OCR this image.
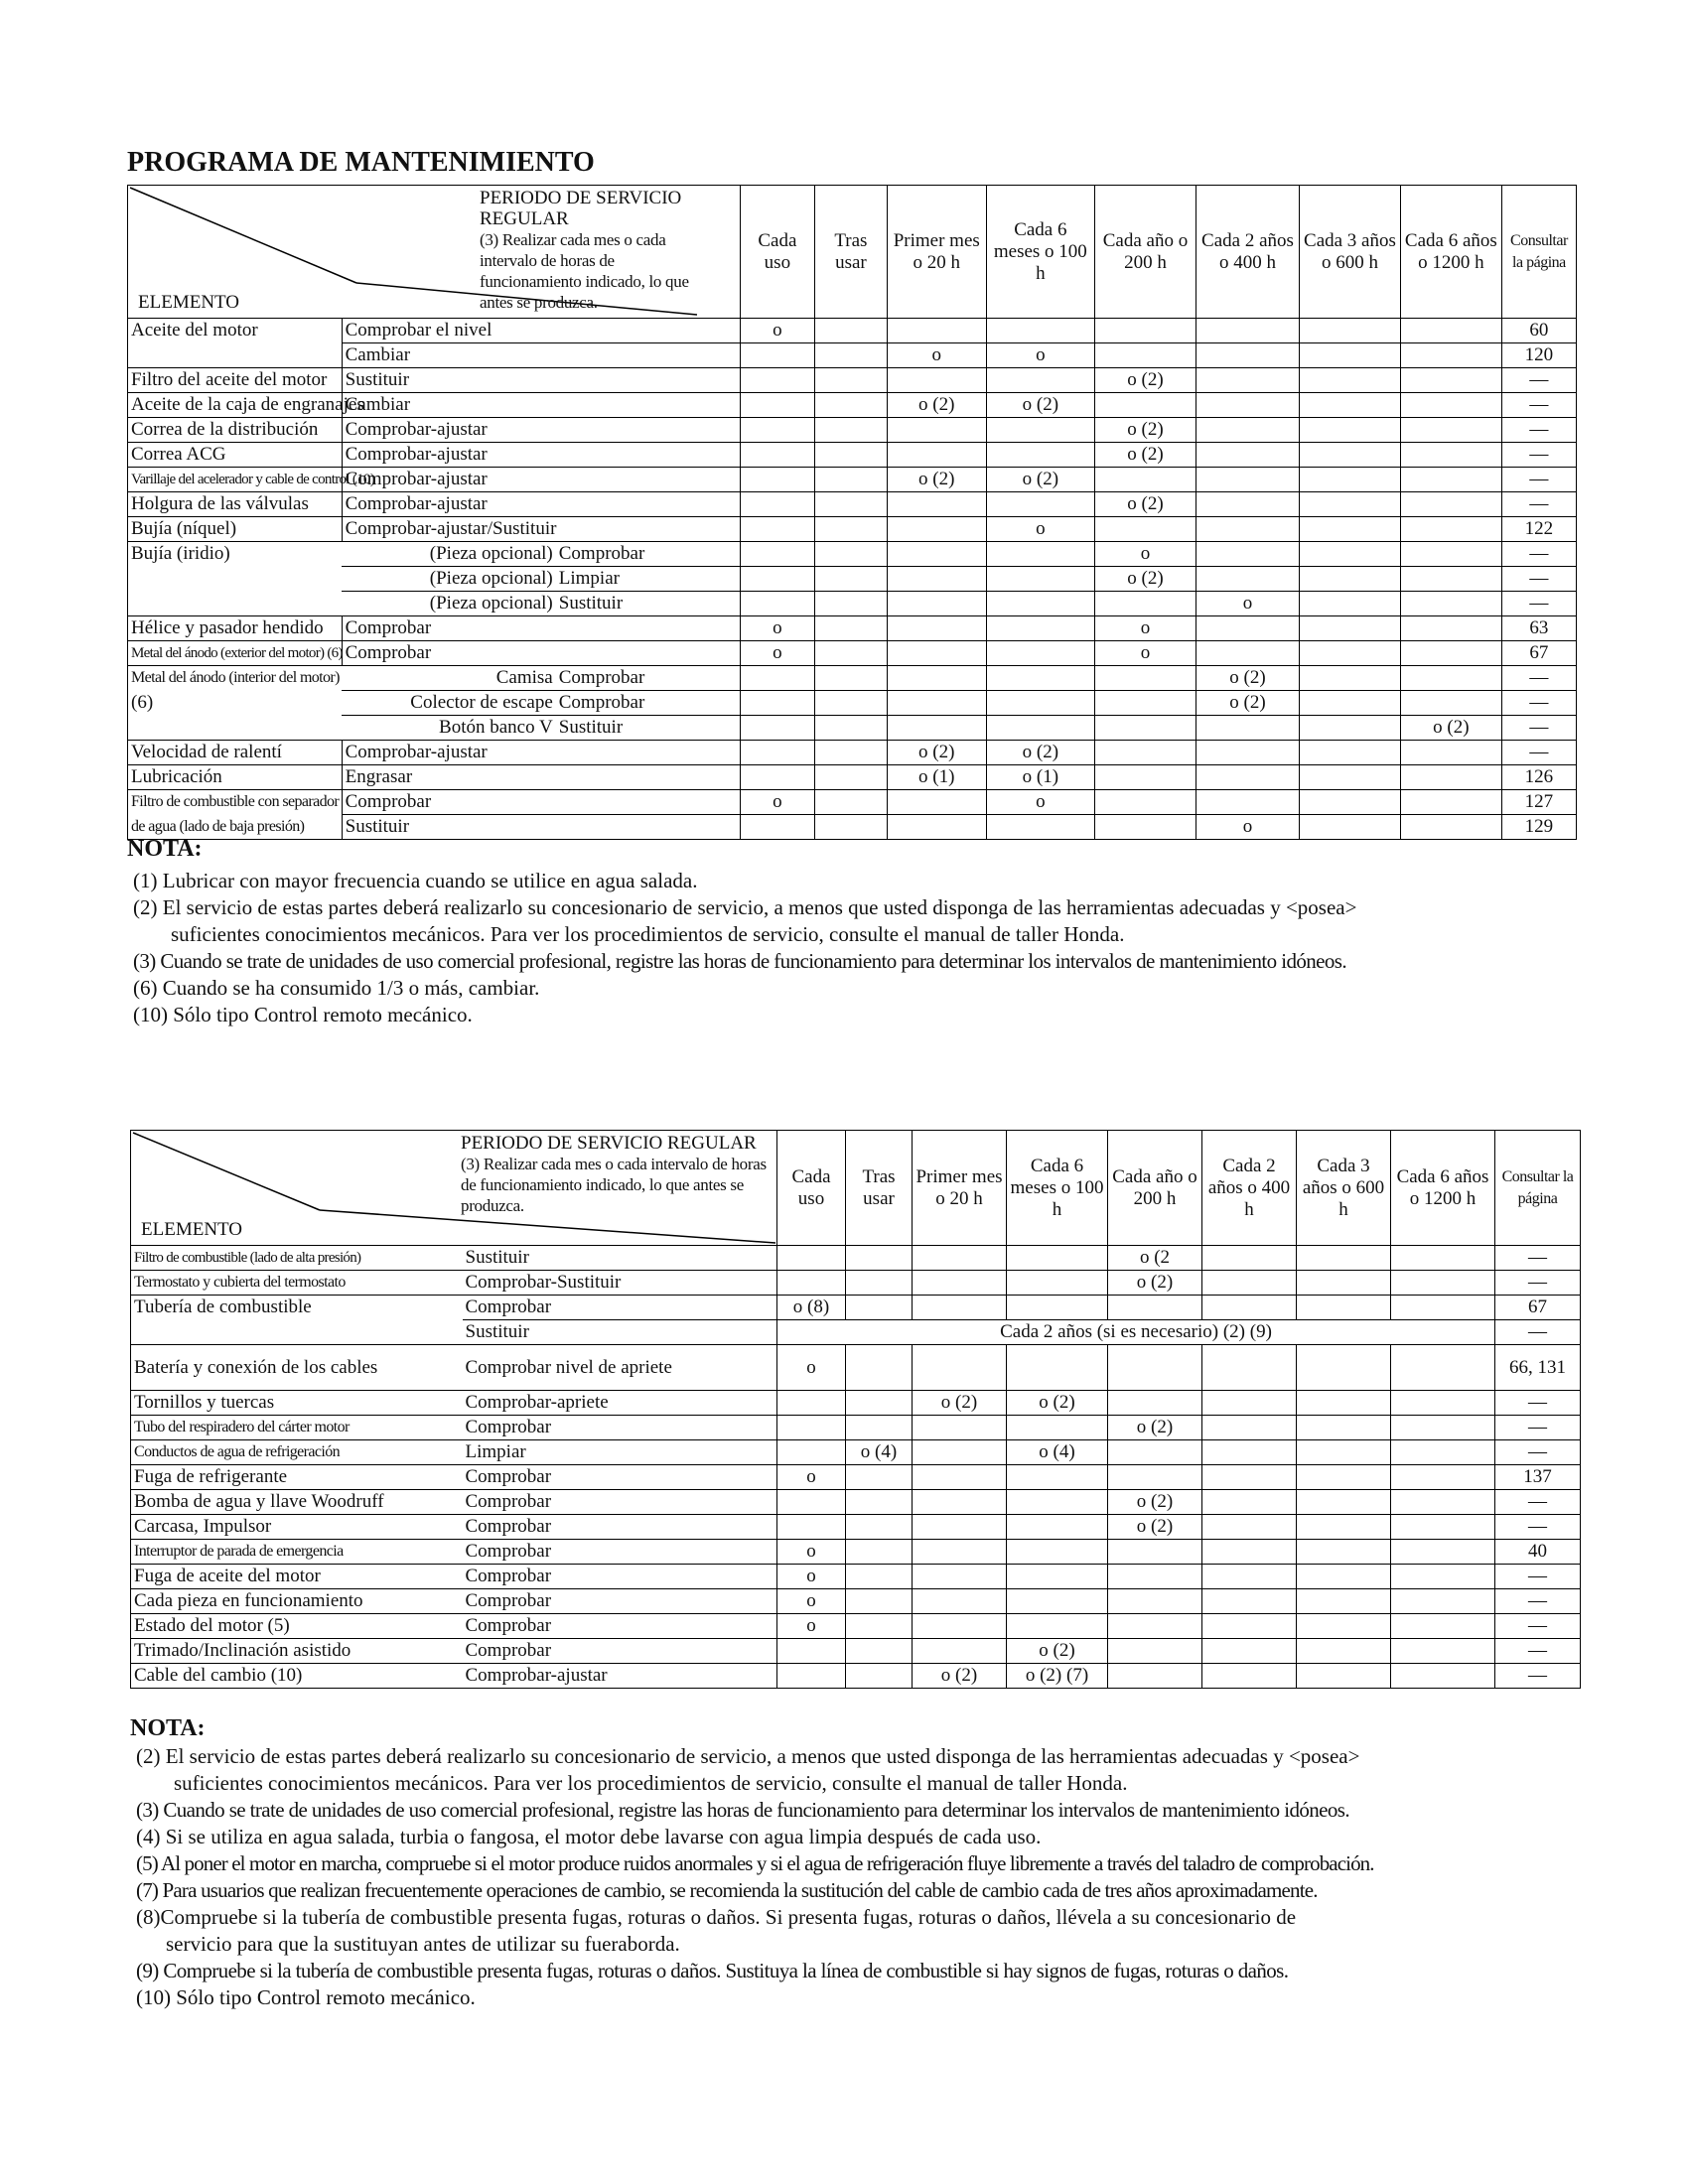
PROGRAMA DE MANTENIMIENTO
PERIODO DE SERVICIO REGULAR
(3) Realizar cada mes o cada intervalo de horas de funcionamiento indicado, lo que antes se produzca.
ELEMENTO			Cada uso	Tras usar	Primer mes o 20 h	Cada 6 meses o 100 h	Cada año o 200 h	Cada 2 años o 400 h	Cada 3 años o 600 h	Cada 6 años o 1200 h	Consultar la página
Aceite del motor	Comprobar el nivel		o								60
	Cambiar				o	o					120
Filtro del aceite del motor	Sustituir						o (2)				—
Aceite de la caja de engranajes	Cambiar				o (2)	o (2)					—
Correa de la distribución	Comprobar-ajustar						o (2)				—
Correa ACG	Comprobar-ajustar						o (2)				—
Varillaje del acelerador y cable de control (10)	Comprobar-ajustar				o (2)	o (2)					—
Holgura de las válvulas	Comprobar-ajustar						o (2)				—
Bujía (níquel)	Comprobar-ajustar/Sustituir					o					122
Bujía (iridio)	(Pieza opcional)	Comprobar					o				—
	(Pieza opcional)	Limpiar					o (2)				—
	(Pieza opcional)	Sustituir						o			—
Hélice y pasador hendido	Comprobar		o				o				63
Metal del ánodo (exterior del motor) (6)	Comprobar		o				o				67
Metal del ánodo (interior del motor)	Camisa	Comprobar						o (2)			—
(6)	Colector de escape	Comprobar						o (2)			—
	Botón banco V	Sustituir								o (2)	—
Velocidad de ralentí	Comprobar-ajustar				o (2)	o (2)					—
Lubricación	Engrasar				o (1)	o (1)					126
Filtro de combustible con separador	Comprobar		o			o					127
de agua (lado de baja presión)	Sustituir							o			129
NOTA:
(1) Lubricar con mayor frecuencia cuando se utilice en agua salada.
(2) El servicio de estas partes deberá realizarlo su concesionario de servicio, a menos que usted disponga de las herramientas adecuadas y <posea>
suficientes conocimientos mecánicos. Para ver los procedimientos de servicio, consulte el manual de taller Honda.
(3) Cuando se trate de unidades de uso comercial profesional, registre las horas de funcionamiento para determinar los intervalos de mantenimiento idóneos.
(6) Cuando se ha consumido 1/3 o más, cambiar.
(10) Sólo tipo Control remoto mecánico.
PERIODO DE SERVICIO REGULAR
(3) Realizar cada mes o cada intervalo de horas de funcionamiento indicado, lo que antes se produzca.
ELEMENTO		Cada uso	Tras usar	Primer mes o 20 h	Cada 6 meses o 100 h	Cada año o 200 h	Cada 2 años o 400 h	Cada 3 años o 600 h	Cada 6 años o 1200 h	Consultar la página
Filtro de combustible (lado de alta presión)	Sustituir					o (2				—
Termostato y cubierta del termostato	Comprobar-Sustituir					o (2)				—
Tubería de combustible	Comprobar	o (8)								67
	Sustituir	Cada 2 años (si es necesario) (2) (9)								—
Batería y conexión de los cables	Comprobar nivel de apriete	o								66, 131
Tornillos y tuercas	Comprobar-apriete			o (2)	o (2)					—
Tubo del respiradero del cárter motor	Comprobar					o (2)				—
Conductos de agua de refrigeración	Limpiar		o (4)		o (4)					—
Fuga de refrigerante	Comprobar	o								137
Bomba de agua y llave Woodruff	Comprobar					o (2)				—
Carcasa, Impulsor	Comprobar					o (2)				—
Interruptor de parada de emergencia	Comprobar	o								40
Fuga de aceite del motor	Comprobar	o								—
Cada pieza en funcionamiento	Comprobar	o								—
Estado del motor (5)	Comprobar	o								—
Trimado/Inclinación asistido	Comprobar				o (2)					—
Cable del cambio (10)	Comprobar-ajustar			o (2)	o (2) (7)					—
NOTA:
(2) El servicio de estas partes deberá realizarlo su concesionario de servicio, a menos que usted disponga de las herramientas adecuadas y <posea>
suficientes conocimientos mecánicos. Para ver los procedimientos de servicio, consulte el manual de taller Honda.
(3) Cuando se trate de unidades de uso comercial profesional, registre las horas de funcionamiento para determinar los intervalos de mantenimiento idóneos.
(4) Si se utiliza en agua salada, turbia o fangosa, el motor debe lavarse con agua limpia después de cada uso.
(5) Al poner el motor en marcha, compruebe si el motor produce ruidos anormales y si el agua de refrigeración fluye libremente a través del taladro de comprobación.
(7) Para usuarios que realizan frecuentemente operaciones de cambio, se recomienda la sustitución del cable de cambio cada de tres años aproximadamente.
(8)Compruebe si la tubería de combustible presenta fugas, roturas o daños. Si presenta fugas, roturas o daños, llévela a su concesionario de
servicio para que la sustituyan antes de utilizar su fueraborda.
(9) Compruebe si la tubería de combustible presenta fugas, roturas o daños. Sustituya la línea de combustible si hay signos de fugas, roturas o daños.
(10) Sólo tipo Control remoto mecánico.
